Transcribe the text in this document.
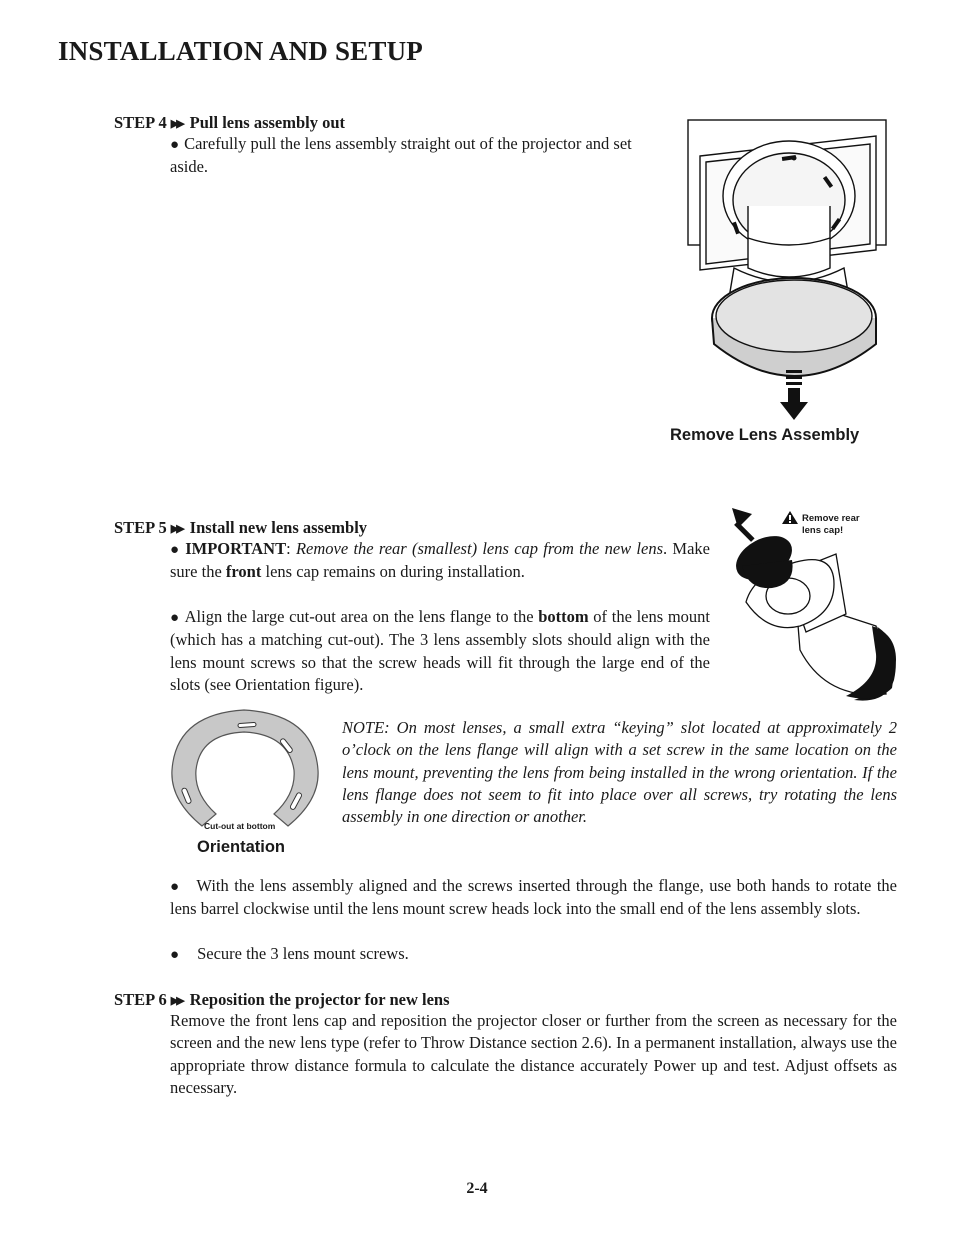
INSTALLATION AND SETUP
STEP 4 ▶▶ Pull lens assembly out
● Carefully pull the lens assembly straight out of the projector and set aside.
Remove Lens Assembly
STEP 5 ▶▶ Install new lens assembly
● IMPORTANT: Remove the rear (smallest) lens cap from the new lens. Make sure the front lens cap remains on during installation.
● Align the large cut-out area on the lens flange to the bottom of the lens mount (which has a matching cut-out). The 3 lens assembly slots should align with the lens mount screws so that the screw heads will fit through the large end of the slots (see Orientation figure).
Remove rear
lens cap!
Cut-out at bottom
Orientation
NOTE: On most lenses, a small extra “keying” slot located at approximately 2 o’clock on the lens flange will align with a set screw in the same location on the lens mount, preventing the lens from being installed in the wrong orientation. If the lens flange does not seem to fit into place over all screws, try rotating the lens assembly in one direction or another.
● With the lens assembly aligned and the screws inserted through the flange, use both hands to rotate the lens barrel clockwise until the lens mount screw heads lock into the small end of the lens assembly slots.
● Secure the 3 lens mount screws.
STEP 6 ▶▶ Reposition the projector for new lens
Remove the front lens cap and reposition the projector closer or further from the screen as necessary for the screen and the new lens type (refer to Throw Distance section 2.6). In a permanent installation, always use the appropriate throw distance formula to calculate the distance accurately Power up and test. Adjust offsets as necessary.
2-4
